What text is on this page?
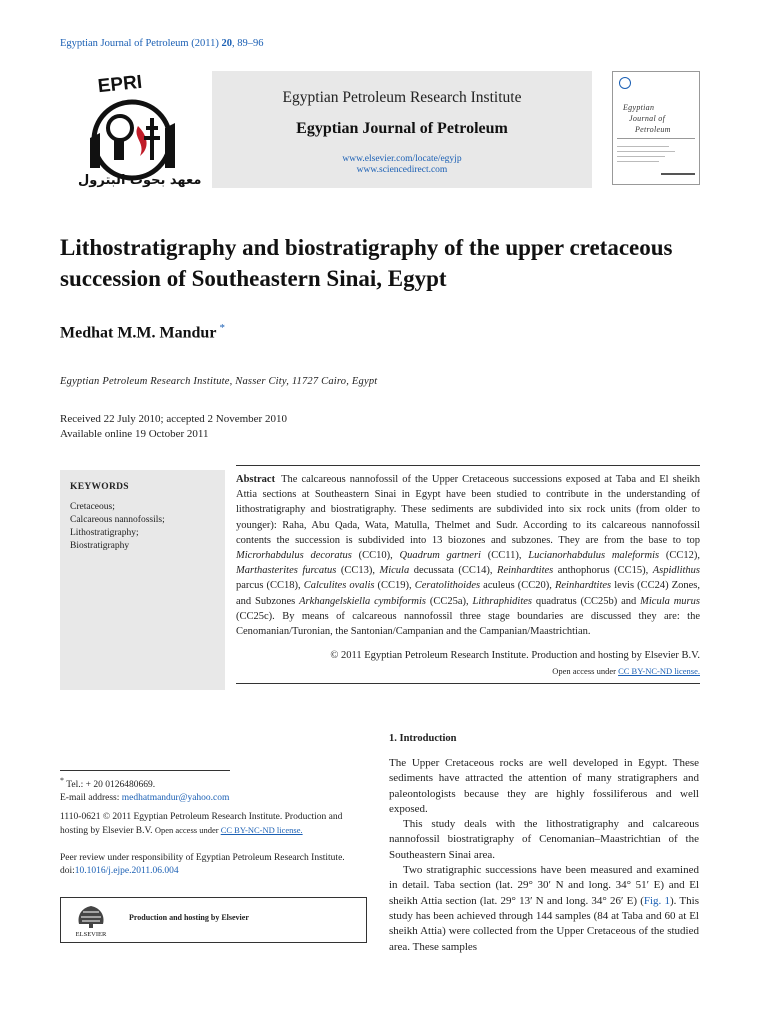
Egyptian Journal of Petroleum (2011) 20, 89–96
EPRI
معهد بحوث البترول
Egyptian Petroleum Research Institute
Egyptian Journal of Petroleum
www.elsevier.com/locate/egyjp
www.sciencedirect.com
Egyptian
Journal of
Petroleum
Lithostratigraphy and biostratigraphy of the upper cretaceous succession of Southeastern Sinai, Egypt
Medhat M.M. Mandur *
Egyptian Petroleum Research Institute, Nasser City, 11727 Cairo, Egypt
Received 22 July 2010; accepted 2 November 2010
Available online 19 October 2011
KEYWORDS
Cretaceous;
Calcareous nannofossils;
Lithostratigraphy;
Biostratigraphy
Abstract The calcareous nannofossil of the Upper Cretaceous successions exposed at Taba and El sheikh Attia sections at Southeastern Sinai in Egypt have been studied to contribute in the understanding of lithostratigraphy and biostratigraphy. These sediments are subdivided into six rock units (from older to younger): Raha, Abu Qada, Wata, Matulla, Thelmet and Sudr. According to its calcareous nannofossil contents the succession is subdivided into 13 biozones and subzones. They are from the base to top Microrhabdulus decoratus (CC10), Quadrum gartneri (CC11), Lucianorhabdulus maleformis (CC12), Marthasterites furcatus (CC13), Micula decussata (CC14), Reinhardtites anthophorus (CC15), Aspidlithus parcus (CC18), Calculites ovalis (CC19), Ceratolithoides aculeus (CC20), Reinhardtites levis (CC24) Zones, and Subzones Arkhangelskiella cymbiformis (CC25a), Lithraphidites quadratus (CC25b) and Micula murus (CC25c). By means of calcareous nannofossil three stage boundaries are discussed they are: the Cenomanian/Turonian, the Santonian/Campanian and the Campanian/Maastrichtian.
© 2011 Egyptian Petroleum Research Institute. Production and hosting by Elsevier B.V.
Open access under CC BY-NC-ND license.
* Tel.: + 20 0126480669.
E-mail address: medhatmandur@yahoo.com
1110-0621 © 2011 Egyptian Petroleum Research Institute. Production and hosting by Elsevier B.V. Open access under CC BY-NC-ND license.
Peer review under responsibility of Egyptian Petroleum Research Institute.
doi:10.1016/j.ejpe.2011.06.004
ELSEVIER
Production and hosting by Elsevier
1. Introduction

The Upper Cretaceous rocks are well developed in Egypt. These sediments have attracted the attention of many stratigraphers and paleontologists because they are highly fossiliferous and well exposed.

This study deals with the lithostratigraphy and calcareous nannofossil biostratigraphy of Cenomanian–Maastrichtian of the Southeastern Sinai area.

Two stratigraphic successions have been measured and examined in detail. Taba section (lat. 29° 30′ N and long. 34° 51′ E) and El sheikh Attia section (lat. 29° 13′ N and long. 34° 26′ E) (Fig. 1). This study has been achieved through 144 samples (84 at Taba and 60 at El sheikh Attia) were collected from the Upper Cretaceous of the studied area. These samples
